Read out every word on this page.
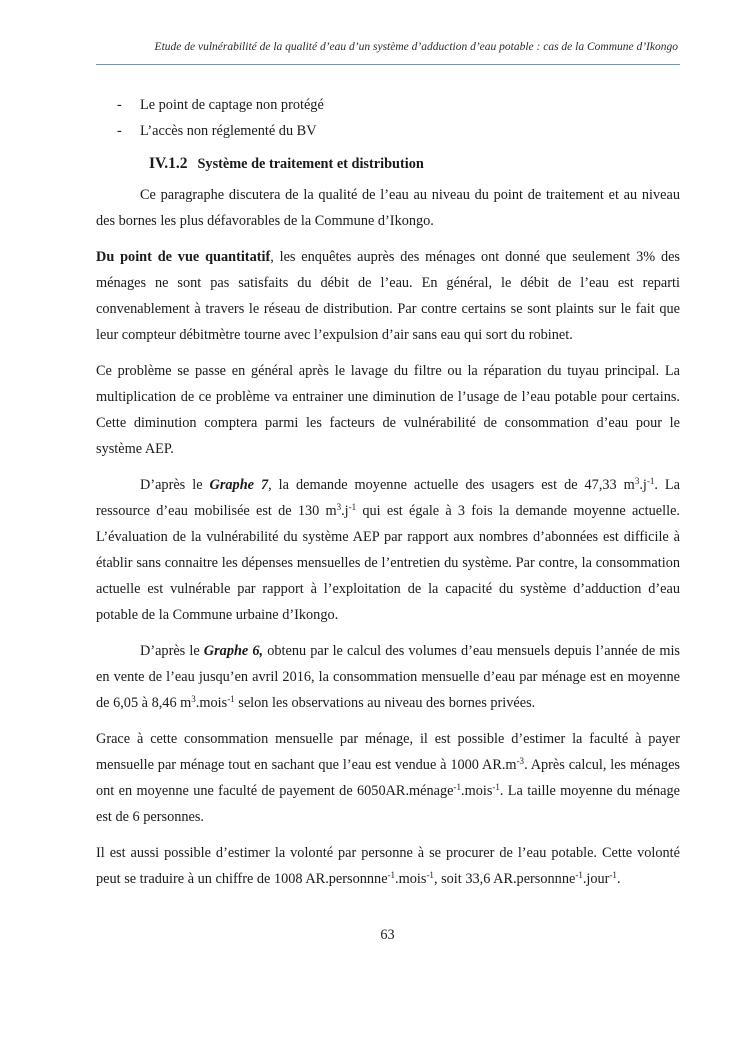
Etude de vulnérabilité de la qualité d’eau d’un système d’adduction d’eau potable : cas de la Commune d’Ikongo
- Le point de captage non protégé
- L’accès non réglementé du BV
IV.1.2 Système de traitement et distribution

Ce paragraphe discutera de la qualité de l’eau au niveau du point de traitement et au niveau des bornes les plus défavorables de la Commune d’Ikongo.

Du point de vue quantitatif, les enquêtes auprès des ménages ont donné que seulement 3% des ménages ne sont pas satisfaits du débit de l’eau. En général, le débit de l’eau est reparti convenablement à travers le réseau de distribution. Par contre certains se sont plaints sur le fait que leur compteur débitmètre tourne avec l’expulsion d’air sans eau qui sort du robinet.

Ce problème se passe en général après le lavage du filtre ou la réparation du tuyau principal. La multiplication de ce problème va entrainer une diminution de l’usage de l’eau potable pour certains. Cette diminution comptera parmi les facteurs de vulnérabilité de consommation d’eau pour le système AEP.

D’après le Graphe 7, la demande moyenne actuelle des usagers est de 47,33 $m^3.j^{-1}$. La ressource d’eau mobilisée est de 130 $m^3.j^{-1}$ qui est égale à 3 fois la demande moyenne actuelle. L’évaluation de la vulnérabilité du système AEP par rapport aux nombres d’abonnées est difficile à établir sans connaitre les dépenses mensuelles de l’entretien du système. Par contre, la consommation actuelle est vulnérable par rapport à l’exploitation de la capacité du système d’adduction d’eau potable de la Commune urbaine d’Ikongo.

D’après le Graphe 6, obtenu par le calcul des volumes d’eau mensuels depuis l’année de mis en vente de l’eau jusqu’en avril 2016, la consommation mensuelle d’eau par ménage est en moyenne de 6,05 à 8,46 $m^3.mois^{-1}$ selon les observations au niveau des bornes privées.

Grace à cette consommation mensuelle par ménage, il est possible d’estimer la faculté à payer mensuelle par ménage tout en sachant que l’eau est vendue à 1000 $AR.m^{-3}$. Après calcul, les ménages ont en moyenne une faculté de payement de 6050AR.ménage$^{-1}$.mois$^{-1}$. La taille moyenne du ménage est de 6 personnes.

Il est aussi possible d’estimer la volonté par personne à se procurer de l’eau potable. Cette volonté peut se traduire à un chiffre de 1008 AR.personnne$^{-1}$.mois$^{-1}$, soit 33,6 AR.personnne$^{-1}$.jour$^{-1}$.

63
